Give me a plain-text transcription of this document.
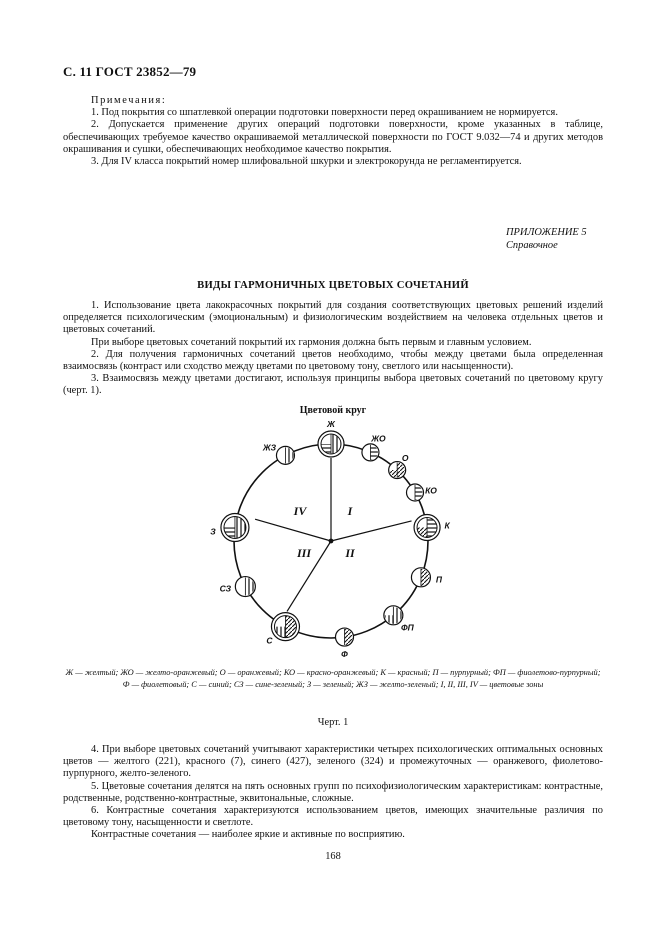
С. 11 ГОСТ 23852—79
Примечания:

1. Под покрытия со шпатлевкой операции подготовки поверхности перед окрашиванием не нормируется.

2. Допускается применение других операций подготовки поверхности, кроме указанных в таблице, обеспечивающих требуемое качество окрашиваемой металлической поверхности по ГОСТ 9.032—74 и других методов окрашивания и сушки, обеспечивающих необходимое качество покрытия.

3. Для IV класса покрытий номер шлифовальной шкурки и электрокорунда не регламентируется.

ПРИЛОЖЕНИЕ 5
Справочное
ВИДЫ ГАРМОНИЧНЫХ ЦВЕТОВЫХ СОЧЕТАНИЙ

1. Использование цвета лакокрасочных покрытий для создания соответствующих цветовых решений изделий определяется психологическим (эмоциональным) и физиологическим воздействием на человека отдельных цветов и цветовых сочетаний.

При выборе цветовых сочетаний покрытий их гармония должна быть первым и главным условием.

2. Для получения гармоничных сочетаний цветов необходимо, чтобы между цветами была определенная взаимосвязь (контраст или сходство между цветами по цветовому тону, светлого или насыщенности).

3. Взаимосвязь между цветами достигают, используя принципы выбора цветовых сочетаний по цветовому кругу (черт. 1).

Цветовой круг
Ж
ЖО
О
КО
К
П
ФП
Ф
С
СЗ
З
ЖЗ
I
II
III
IV
Ж — желтый; ЖО — желто-оранжевый; О — оранжевый; КО — красно-оранжевый; К — красный; П — пурпурный; ФП — фиолетово-пурпурный; Ф — фиолетовый; С — синий; СЗ — сине-зеленый; З — зеленый; ЖЗ — желто-зеленый; I, II, III, IV — цветовые зоны
Черт. 1

4. При выборе цветовых сочетаний учитывают характеристики четырех психологических оптимальных основных цветов — желтого (221), красного (7), синего (427), зеленого (324) и промежуточных — оранжевого, фиолетово-пурпурного, желто-зеленого.

5. Цветовые сочетания делятся на пять основных групп по психофизиологическим характеристикам: контрастные, родственные, родственно-контрастные, эквитональные, сложные.

6. Контрастные сочетания характеризуются использованием цветов, имеющих значительные различия по цветовому тону, насыщенности и светлоте.

Контрастные сочетания — наиболее яркие и активные по восприятию.

168
